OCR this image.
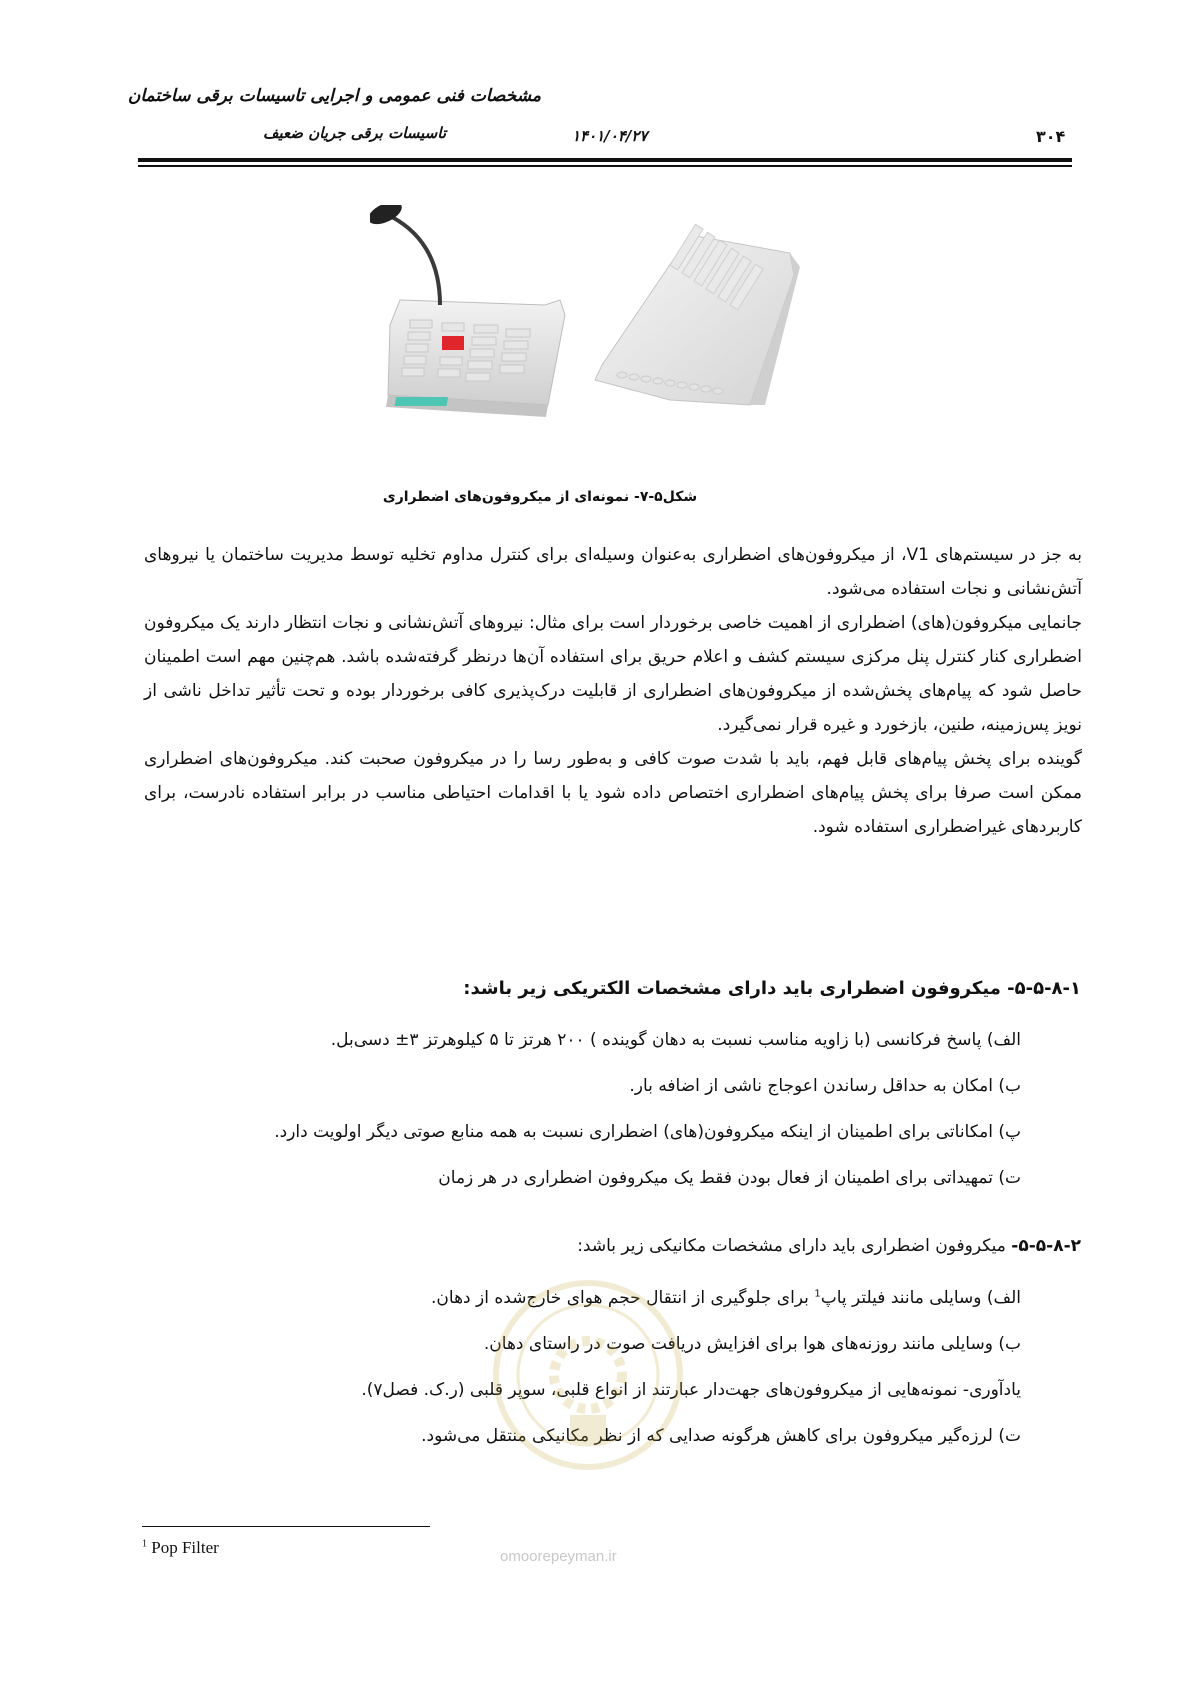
مشخصات فنی عمومی و اجرایی تاسیسات برقی ساختمان
تاسیسات برقی جریان ضعیف	۱۴۰۱/۰۴/۲۷	۳۰۴
شکل۵-۷- نمونه‌ای از میکروفون‌های اضطراری

به جز در سیستم‌های V1، از میکروفون‌های اضطراری به‌عنوان وسیله‌ای برای کنترل مداوم تخلیه توسط مدیریت ساختمان یا نیروهای آتش‌نشانی و نجات استفاده می‌شود.

جانمایی میکروفون(های) اضطراری از اهمیت خاصی برخوردار است برای مثال: نیروهای آتش‌نشانی و نجات انتظار دارند یک میکروفون اضطراری کنار کنترل پنل مرکزی سیستم کشف و اعلام حریق برای استفاده آن‌ها درنظر گرفته‌شده باشد. هم‌چنین مهم است اطمینان حاصل شود که پیام‌های پخش‌شده از میکروفون‌های اضطراری از قابلیت درک‌پذیری کافی برخوردار بوده و تحت تأثیر تداخل ناشی از نویز پس‌زمینه، طنین، بازخورد و غیره قرار نمی‌گیرد.

گوینده برای پخش پیام‌های قابل فهم، باید با شدت صوت کافی و به‌طور رسا را در میکروفون صحبت کند. میکروفون‌های اضطراری ممکن است صرفا برای پخش پیام‌های اضطراری اختصاص داده شود یا با اقدامات احتیاطی مناسب در برابر استفاده نادرست، برای کاربردهای غیراضطراری استفاده شود.

۵-۵-۸-۱- میکروفون اضطراری باید دارای مشخصات الکتریکی زیر باشد:
الف) پاسخ فرکانسی (با زاویه مناسب نسبت به دهان گوینده ) ۲۰۰ هرتز تا ۵ کیلوهرتز ۳± دسی‌بل.
ب) امکان به حداقل رساندن اعوجاج ناشی از اضافه بار.
پ) امکاناتی برای اطمینان از اینکه میکروفون(های) اضطراری نسبت به همه منابع صوتی دیگر اولویت دارد.
ت) تمهیداتی برای اطمینان از فعال بودن فقط یک میکروفون اضطراری در هر زمان
۵-۵-۸-۲- میکروفون اضطراری باید دارای مشخصات مکانیکی زیر باشد:
الف) وسایلی مانند فیلتر پاپ$^1$ برای جلوگیری از انتقال حجم هوای خارج‌شده از دهان.
ب) وسایلی مانند روزنه‌های هوا برای افزایش دریافت صوت در راستای دهان.
یادآوری- نمونه‌هایی از میکروفون‌های جهت‌دار عبارتند از انواع قلبی، سوپر قلبی (ر.ک. فصل۷).
ت) لرزه‌گیر میکروفون برای کاهش هرگونه صدایی که از نظر مکانیکی منتقل می‌شود.
omoorepeyman.ir
$^1$ Pop Filter
